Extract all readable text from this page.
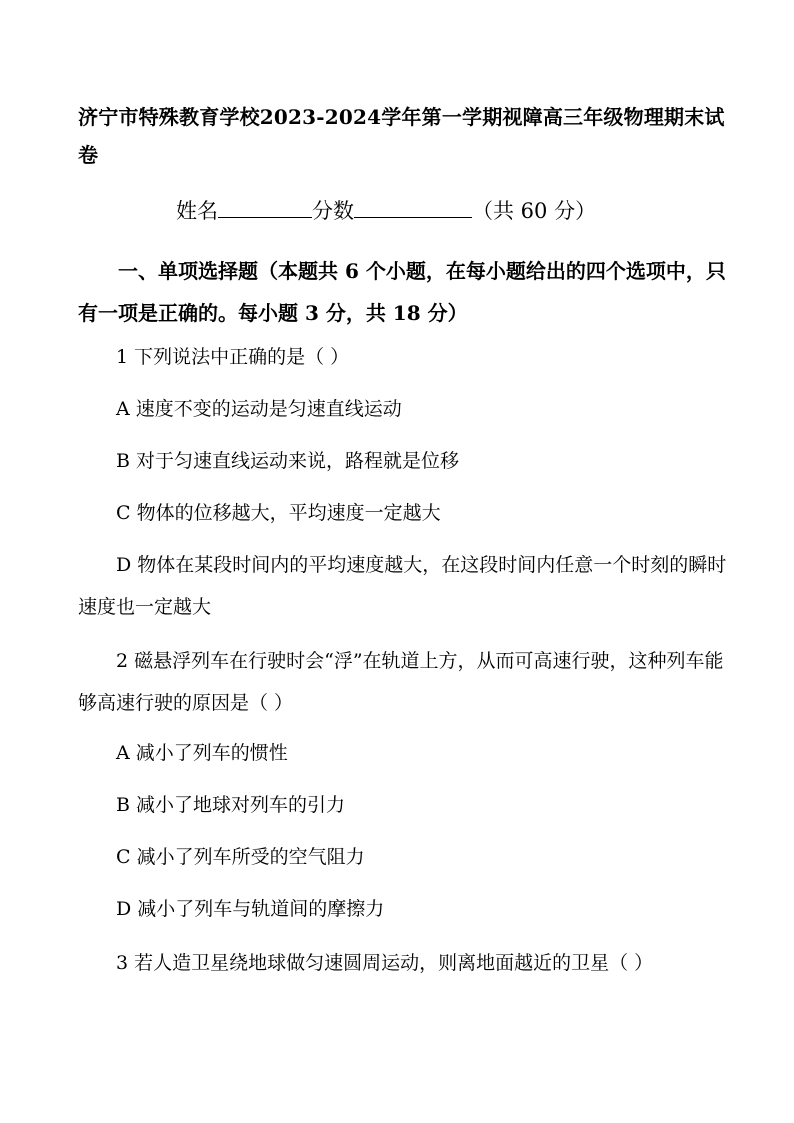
济宁市特殊教育学校2023-2024学年第一学期视障高三年级物理期末试卷
姓名	分数	（共 60 分）
一、单项选择题（本题共 6 个小题，在每小题给出的四个选项中，只有一项是正确的。每小题 3 分，共 18 分）
1 下列说法中正确的是（ ）
A 速度不变的运动是匀速直线运动
B 对于匀速直线运动来说，路程就是位移
C 物体的位移越大，平均速度一定越大
D 物体在某段时间内的平均速度越大，在这段时间内任意一个时刻的瞬时速度也一定越大
2 磁悬浮列车在行驶时会“浮”在轨道上方，从而可高速行驶，这种列车能够高速行驶的原因是（ ）
A 减小了列车的惯性
B 减小了地球对列车的引力
C 减小了列车所受的空气阻力
D 减小了列车与轨道间的摩擦力
3 若人造卫星绕地球做匀速圆周运动，则离地面越近的卫星（ ）
